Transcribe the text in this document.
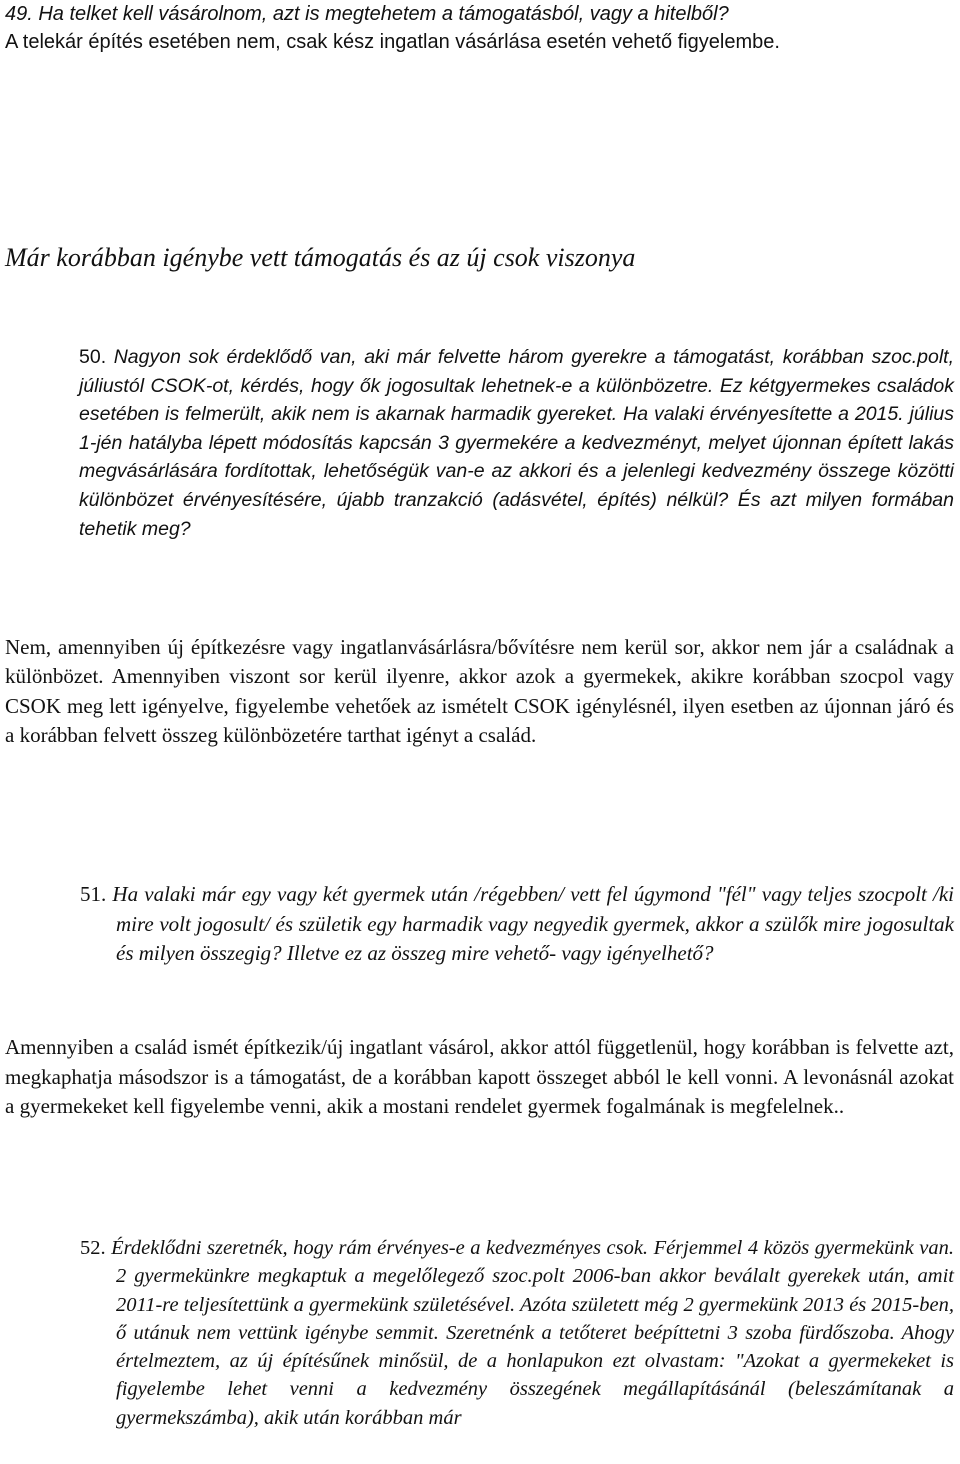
49. Ha telket kell vásárolnom, azt is megtehetem a támogatásból, vagy a hitelből?
A telekár építés esetében nem, csak kész ingatlan vásárlása esetén vehető figyelembe.
Már korábban igénybe vett támogatás és az új csok viszonya
50. Nagyon sok érdeklődő van, aki már felvette három gyerekre a támogatást, korábban szoc.polt, júliustól CSOK-ot, kérdés, hogy ők jogosultak lehetnek-e a különbözetre. Ez kétgyermekes családok esetében is felmerült, akik nem is akarnak harmadik gyereket. Ha valaki érvényesítette a 2015. július 1-jén hatályba lépett módosítás kapcsán 3 gyermekére a kedvezményt, melyet újonnan épített lakás megvásárlására fordítottak, lehetőségük van-e az akkori és a jelenlegi kedvezmény összege közötti különbözet érvényesítésére, újabb tranzakció (adásvétel, építés) nélkül? És azt milyen formában tehetik meg?
Nem, amennyiben új építkezésre vagy ingatlanvásárlásra/bővítésre nem kerül sor, akkor nem jár a családnak a különbözet. Amennyiben viszont sor kerül ilyenre, akkor azok a gyermekek, akikre korábban szocpol vagy CSOK meg lett igényelve, figyelembe vehetőek az ismételt CSOK igénylésnél, ilyen esetben az újonnan járó és a korábban felvett összeg különbözetére tarthat igényt a család.
51. Ha valaki már egy vagy két gyermek után /régebben/ vett fel úgymond "fél" vagy teljes szocpolt /ki mire volt jogosult/ és születik egy harmadik vagy negyedik gyermek, akkor a szülők mire jogosultak és milyen összegig? Illetve ez az összeg mire vehető- vagy igényelhető?
Amennyiben a család ismét építkezik/új ingatlant vásárol, akkor attól függetlenül, hogy korábban is felvette azt, megkaphatja másodszor is a támogatást, de a korábban kapott összeget abból le kell vonni. A levonásnál azokat a gyermekeket kell figyelembe venni, akik a mostani rendelet gyermek fogalmának is megfelelnek..
52. Érdeklődni szeretnék, hogy rám érvényes-e a kedvezményes csok. Férjemmel 4 közös gyermekünk van. 2 gyermekünkre megkaptuk a megelőlegező szoc.polt 2006-ban akkor beválalt gyerekek után, amit 2011-re teljesítettünk a gyermekünk születésével. Azóta született még 2 gyermekünk 2013 és 2015-ben, ő utánuk nem vettünk igénybe semmit. Szeretnénk a tetőteret beépíttetni 3 szoba fürdőszoba. Ahogy értelmeztem, az új építésűnek minősül, de a honlapukon ezt olvastam: "Azokat a gyermekeket is figyelembe lehet venni a kedvezmény összegének megállapításánál (beleszámítanak a gyermekszámba), akik után korábban már
